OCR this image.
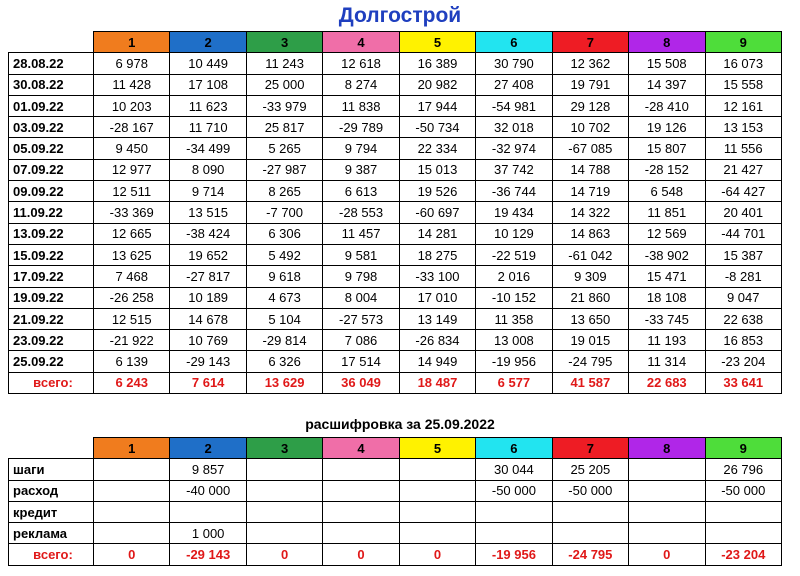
Долгострой
	1	2	3	4	5	6	7	8	9
28.08.22	6 978	10 449	11 243	12 618	16 389	30 790	12 362	15 508	16 073
30.08.22	11 428	17 108	25 000	8 274	20 982	27 408	19 791	14 397	15 558
01.09.22	10 203	11 623	-33 979	11 838	17 944	-54 981	29 128	-28 410	12 161
03.09.22	-28 167	11 710	25 817	-29 789	-50 734	32 018	10 702	19 126	13 153
05.09.22	9 450	-34 499	5 265	9 794	22 334	-32 974	-67 085	15 807	11 556
07.09.22	12 977	8 090	-27 987	9 387	15 013	37 742	14 788	-28 152	21 427
09.09.22	12 511	9 714	8 265	6 613	19 526	-36 744	14 719	6 548	-64 427
11.09.22	-33 369	13 515	-7 700	-28 553	-60 697	19 434	14 322	11 851	20 401
13.09.22	12 665	-38 424	6 306	11 457	14 281	10 129	14 863	12 569	-44 701
15.09.22	13 625	19 652	5 492	9 581	18 275	-22 519	-61 042	-38 902	15 387
17.09.22	7 468	-27 817	9 618	9 798	-33 100	2 016	9 309	15 471	-8 281
19.09.22	-26 258	10 189	4 673	8 004	17 010	-10 152	21 860	18 108	9 047
21.09.22	12 515	14 678	5 104	-27 573	13 149	11 358	13 650	-33 745	22 638
23.09.22	-21 922	10 769	-29 814	7 086	-26 834	13 008	19 015	11 193	16 853
25.09.22	6 139	-29 143	6 326	17 514	14 949	-19 956	-24 795	11 314	-23 204
всего:	6 243	7 614	13 629	36 049	18 487	6 577	41 587	22 683	33 641
расшифровка за 25.09.2022
	1	2	3	4	5	6	7	8	9
шаги		9 857				30 044	25 205		26 796
расход		-40 000				-50 000	-50 000		-50 000
кредит									
реклама		1 000							
всего:	0	-29 143	0	0	0	-19 956	-24 795	0	-23 204
